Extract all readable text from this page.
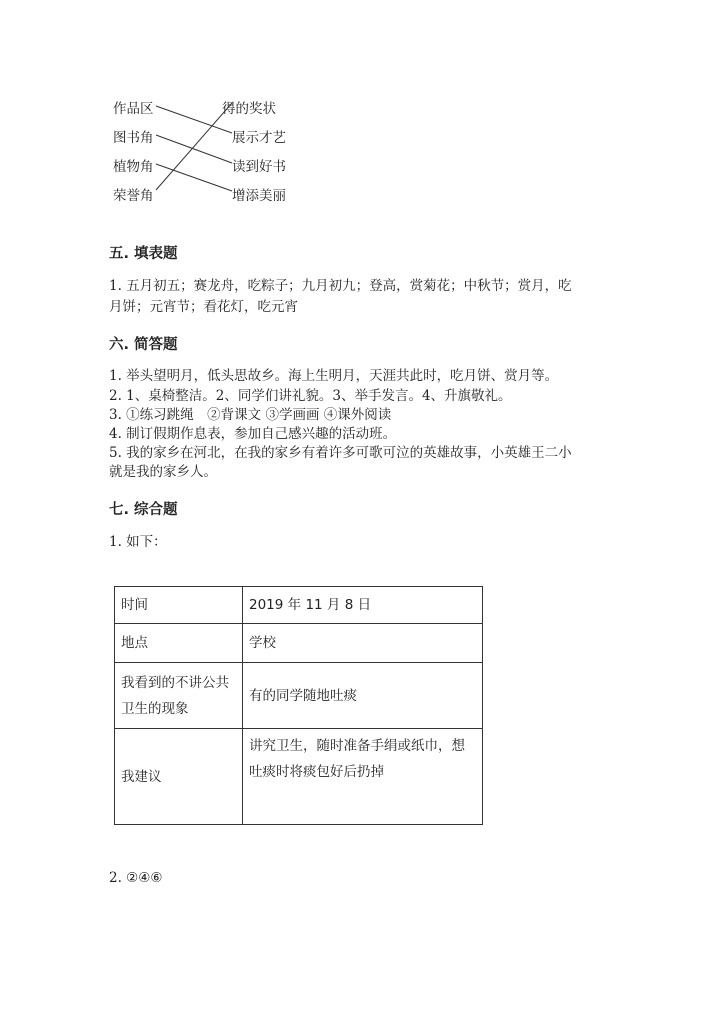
作品区
图书角
植物角
荣誉角
得的奖状
展示才艺
读到好书
增添美丽
五. 填表题
1. 五月初五；赛龙舟，吃粽子；九月初九；登高，赏菊花；中秋节；赏月，吃
月饼；元宵节；看花灯，吃元宵
六. 简答题
1. 举头望明月，低头思故乡。海上生明月，天涯共此时，吃月饼、赏月等。
2. 1、桌椅整洁。2、同学们讲礼貌。3、举手发言。4、升旗敬礼。
3. ①练习跳绳　②背课文 ③学画画 ④课外阅读
4. 制订假期作息表，参加自己感兴趣的活动班。
5. 我的家乡在河北，在我的家乡有着许多可歌可泣的英雄故事，小英雄王二小
就是我的家乡人。
七. 综合题
1. 如下：
时间	2019 年 11 月 8 日
地点	学校
我看到的不讲公共卫生的现象	有的同学随地吐痰
我建议	讲究卫生，随时准备手绢或纸巾，想吐痰时将痰包好后扔掉
2. ②④⑥
